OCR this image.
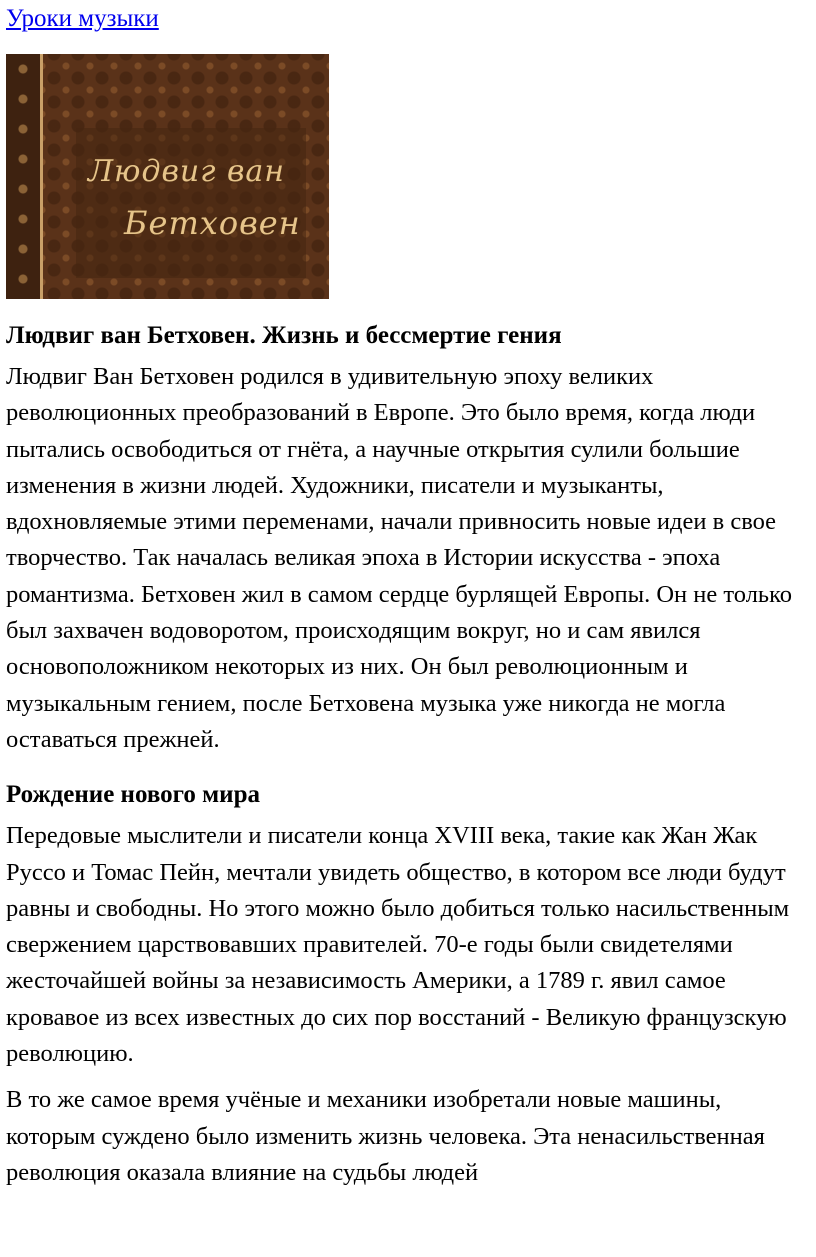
Уроки музыки
Людвиг ван
Бетховен
Людвиг ван Бетховен. Жизнь и бессмертие гения

Людвиг Ван Бетховен родился в удивительную эпоху великих революционных преобразований в Европе. Это было время, когда люди пытались освободиться от гнёта, а научные открытия сулили большие изменения в жизни людей. Художники, писатели и музыканты, вдохновляемые этими переменами, начали привносить новые идеи в свое творчество. Так началась великая эпоха в Истории искусства - эпоха романтизма. Бетховен жил в самом сердце бурлящей Европы. Он не только был захвачен водоворотом, происходящим вокруг, но и сам явился основоположником некоторых из них. Он был революционным и музыкальным гением, после Бетховена музыка уже никогда не могла оставаться прежней.

Рождение нового мира

Передовые мыслители и писатели конца XVIII века, такие как Жан Жак Руссо и Томас Пейн, мечтали увидеть общество, в котором все люди будут равны и свободны. Но этого можно было добиться только насильственным свержением царствовавших правителей. 70-е годы были свидетелями жесточайшей войны за независимость Америки, а 1789 г. явил самое кровавое из всех известных до сих пор восстаний - Великую французскую революцию.

В то же самое время учёные и механики изобретали новые машины, которым суждено было изменить жизнь человека. Эта ненасильственная революция оказала влияние на судьбы людей
